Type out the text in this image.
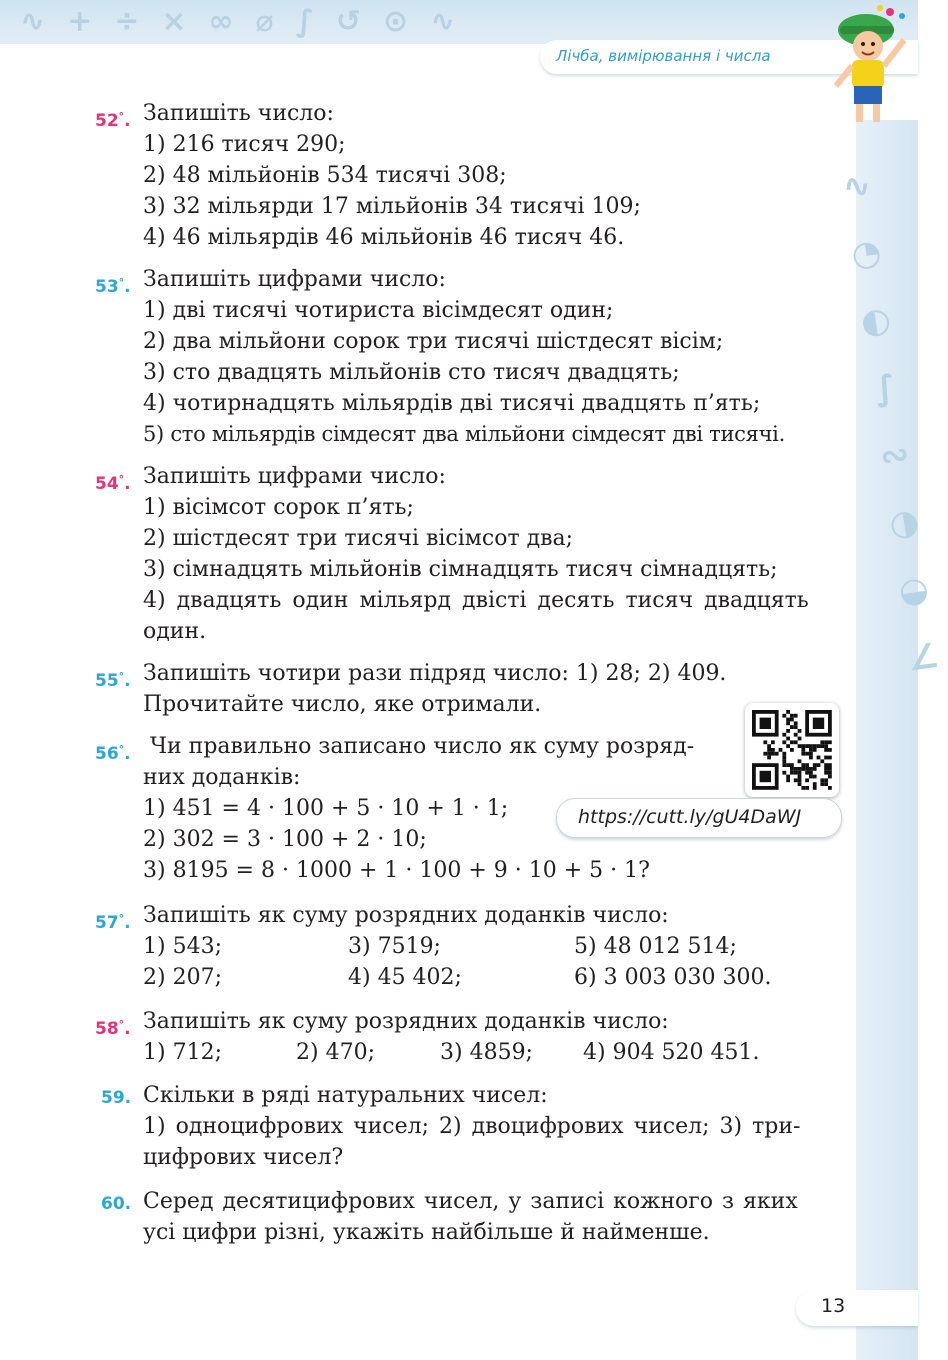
∿+÷×∞⌀∫↺⊙∿
Лічба, вимірювання і числа
∿
◔
◐
∫
∾
◑
◒
∠
52°. Запишіть число:
1) 216 тисяч 290;
2) 48 мільйонів 534 тисячі 308;
3) 32 мільярди 17 мільйонів 34 тисячі 109;
4) 46 мільярдів 46 мільйонів 46 тисяч 46.
53°. Запишіть цифрами число:
1) дві тисячі чотириста вісімдесят один;
2) два мільйони сорок три тисячі шістдесят вісім;
3) сто двадцять мільйонів сто тисяч двадцять;
4) чотирнадцять мільярдів дві тисячі двадцять п’ять;
5) сто мільярдів сімдесят два мільйони сімдесят дві тисячі.
54°. Запишіть цифрами число:
1) вісімсот сорок п’ять;
2) шістдесят три тисячі вісімсот два;
3) сімнадцять мільйонів сімнадцять тисяч сімнадцять;
4) двадцять один мільярд двісті десять тисяч двадцять
один.
55°. Запишіть чотири рази підряд число: 1) 28; 2) 409.
Прочитайте число, яке отримали.
56°. Чи правильно записано число як суму розряд-
них доданків:
1) 451 = 4 · 100 + 5 · 10 + 1 · 1;
2) 302 = 3 · 100 + 2 · 10;
3) 8195 = 8 · 1000 + 1 · 100 + 9 · 10 + 5 · 1?
57°. Запишіть як суму розрядних доданків число:
1) 543;	3) 7519;	5) 48 012 514;
2) 207;	4) 45 402;	6) 3 003 030 300.
58°. Запишіть як суму розрядних доданків число:
1) 712;	2) 470;	3) 4859; 4) 904 520 451.
59. Скільки в ряді натуральних чисел:
1) одноцифрових чисел; 2) двоцифрових чисел; 3) три-
цифрових чисел?
60. Серед десятицифрових чисел, у записі кожного з яких
усі цифри різні, укажіть найбільше й найменше.
https://cutt.ly/gU4DaWJ
13
